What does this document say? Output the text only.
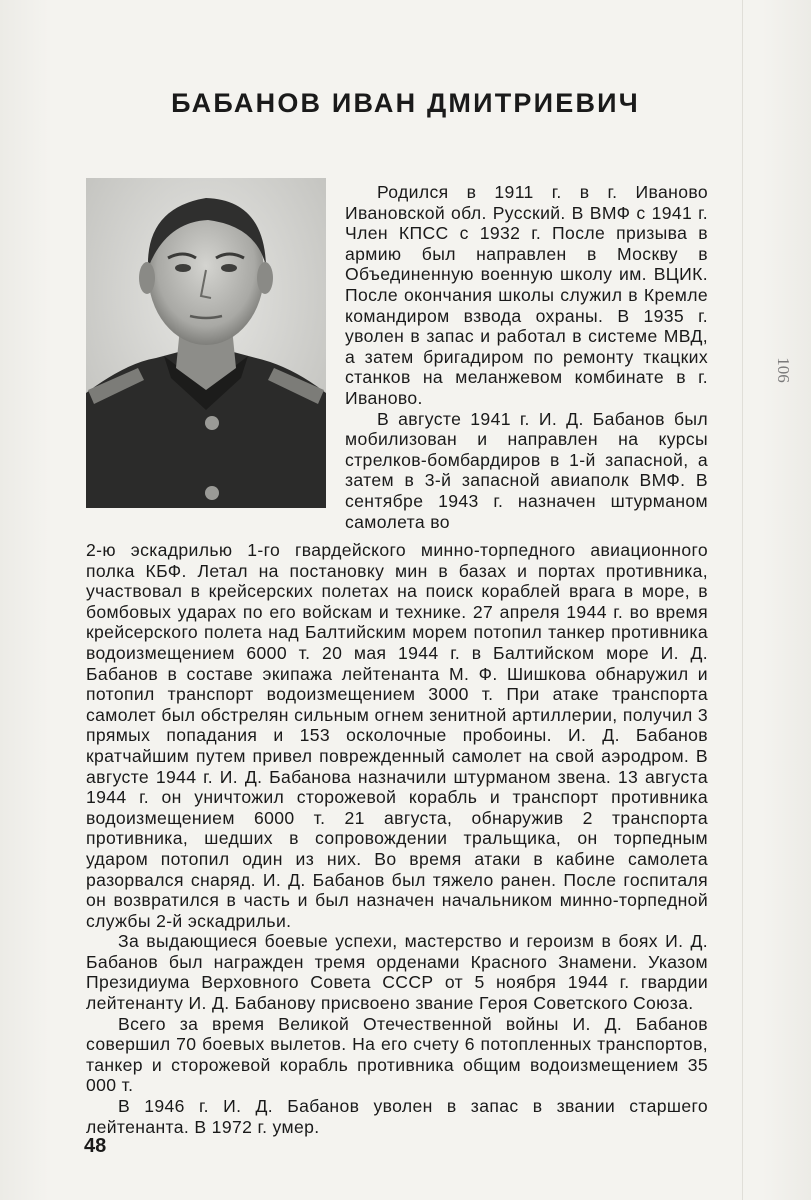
БАБАНОВ ИВАН ДМИТРИЕВИЧ

Родился в 1911 г. в г. Иваново Ивановской обл. Русский. В ВМФ с 1941 г. Член КПСС с 1932 г. После призыва в армию был направлен в Москву в Объединенную военную школу им. ВЦИК. После окончания школы служил в Кремле командиром взвода охраны. В 1935 г. уволен в запас и работал в системе МВД, а затем бригадиром по ремонту ткацких станков на меланжевом комбинате в г. Иваново.

В августе 1941 г. И. Д. Бабанов был мобилизован и направлен на курсы стрелков-бомбардиров в 1-й запасной, а затем в 3-й запасной авиаполк ВМФ. В сентябре 1943 г. назначен штурманом самолета во

2-ю эскадрилью 1-го гвардейского минно-торпедного авиационного полка КБФ. Летал на постановку мин в базах и портах противника, участвовал в крейсерских полетах на поиск кораблей врага в море, в бомбовых ударах по его войскам и технике. 27 апреля 1944 г. во время крейсерского полета над Балтийским морем потопил танкер противника водоизмещением 6000 т. 20 мая 1944 г. в Балтийском море И. Д. Бабанов в составе экипажа лейтенанта М. Ф. Шишкова обнаружил и потопил транспорт водоизмещением 3000 т. При атаке транспорта самолет был обстрелян сильным огнем зенитной артиллерии, получил 3 прямых попадания и 153 осколочные пробоины. И. Д. Бабанов кратчайшим путем привел поврежденный самолет на свой аэродром. В августе 1944 г. И. Д. Бабанова назначили штурманом звена. 13 августа 1944 г. он уничтожил сторожевой корабль и транспорт противника водоизмещением 6000 т. 21 августа, обнаружив 2 транспорта противника, шедших в сопровождении тральщика, он торпедным ударом потопил один из них. Во время атаки в кабине самолета разорвался снаряд. И. Д. Бабанов был тяжело ранен. После госпиталя он возвратился в часть и был назначен начальником минно-торпедной службы 2-й эскадрильи.

За выдающиеся боевые успехи, мастерство и героизм в боях И. Д. Бабанов был награжден тремя орденами Красного Знамени. Указом Президиума Верховного Совета СССР от 5 ноября 1944 г. гвардии лейтенанту И. Д. Бабанову присвоено звание Героя Советского Союза.

Всего за время Великой Отечественной войны И. Д. Бабанов совершил 70 боевых вылетов. На его счету 6 потопленных транспортов, танкер и сторожевой корабль противника общим водоизмещением 35 000 т.

В 1946 г. И. Д. Бабанов уволен в запас в звании старшего лейтенанта. В 1972 г. умер.

48
106
